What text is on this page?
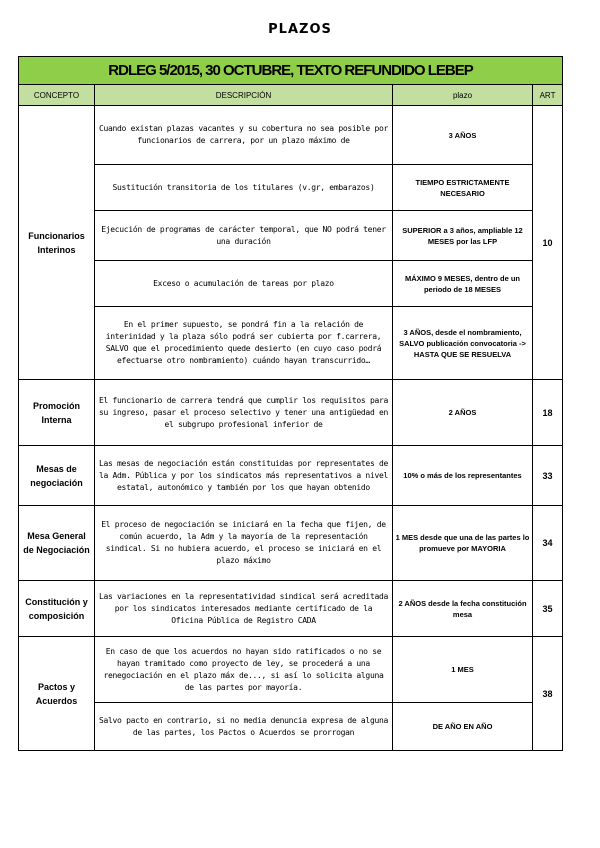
PLAZOS
RDLEG 5/2015, 30 OCTUBRE, TEXTO REFUNDIDO LEBEP			
CONCEPTO	DESCRIPCIÓN	plazo	ART
Funcionarios Interinos	Cuando existan plazas vacantes y su cobertura no sea posible por funcionarios de carrera, por un plazo máximo de	3 AÑOS	10
	Sustitución transitoria de los titulares (v.gr, embarazos)	TIEMPO ESTRICTAMENTE NECESARIO	
	Ejecución de programas de carácter temporal, que NO podrá tener una duración	SUPERIOR a 3 años, ampliable 12 MESES por las LFP	
	Exceso o acumulación de tareas por plazo	MÁXIMO 9 MESES, dentro de un periodo de 18 MESES	
	En el primer supuesto, se pondrá fin a la relación de interinidad y la plaza sólo podrá ser cubierta por f.carrera, SALVO que el procedimiento quede desierto (en cuyo caso podrá efectuarse otro nombramiento) cuándo hayan transcurrido…	3 AÑOS, desde el nombramiento, SALVO publicación convocatoria -> HASTA QUE SE RESUELVA	
Promoción Interna	El funcionario de carrera tendrá que cumplir los requisitos para su ingreso, pasar el proceso selectivo y tener una antigüedad en el subgrupo profesional inferior de	2 AÑOS	18
Mesas de negociación	Las mesas de negociación están constituidas por representates de la Adm. Pública y por los sindicatos más representativos a nivel estatal, autonómico y también por los que hayan obtenido	10% o más de los representantes	33
Mesa General de Negociación	El proceso de negociación se iniciará en la fecha que fijen, de común acuerdo, la Adm y la mayoría de la representación sindical. Si no hubiera acuerdo, el proceso se iniciará en el plazo máximo	1 MES desde que una de las partes lo promueve por MAYORIA	34
Constitución y composición	Las variaciones en la representatividad sindical será acreditada por los sindicatos interesados mediante certificado de la Oficina Pública de Registro CADA	2 AÑOS desde la fecha constitución mesa	35
Pactos y Acuerdos	En caso de que los acuerdos no hayan sido ratificados o no se hayan tramitado como proyecto de ley, se procederá a una renegociación en el plazo máx de..., si así lo solicita alguna de las partes por mayoría.	1 MES	38
	Salvo pacto en contrario, si no media denuncia expresa de alguna de las partes, los Pactos o Acuerdos se prorrogan	DE AÑO EN AÑO	
